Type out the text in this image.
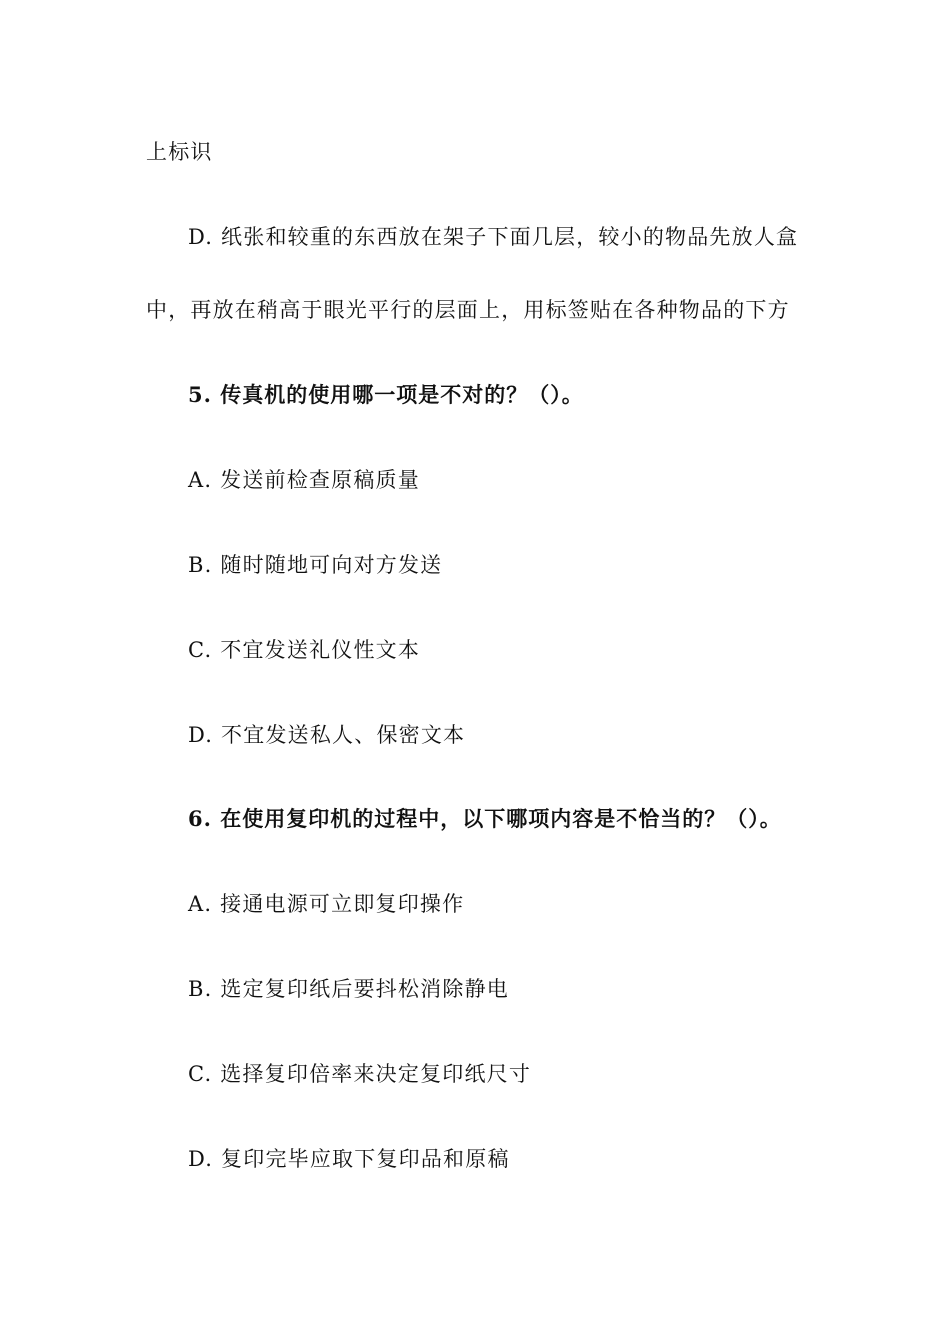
上标识
D. 纸张和较重的东西放在架子下面几层，较小的物品先放人盒
中，再放在稍高于眼光平行的层面上，用标签贴在各种物品的下方
5. 传真机的使用哪一项是不对的？（）。
A. 发送前检查原稿质量
B. 随时随地可向对方发送
C. 不宜发送礼仪性文本
D. 不宜发送私人、保密文本
6. 在使用复印机的过程中，以下哪项内容是不恰当的？（）。
A. 接通电源可立即复印操作
B. 选定复印纸后要抖松消除静电
C. 选择复印倍率来决定复印纸尺寸
D. 复印完毕应取下复印品和原稿
